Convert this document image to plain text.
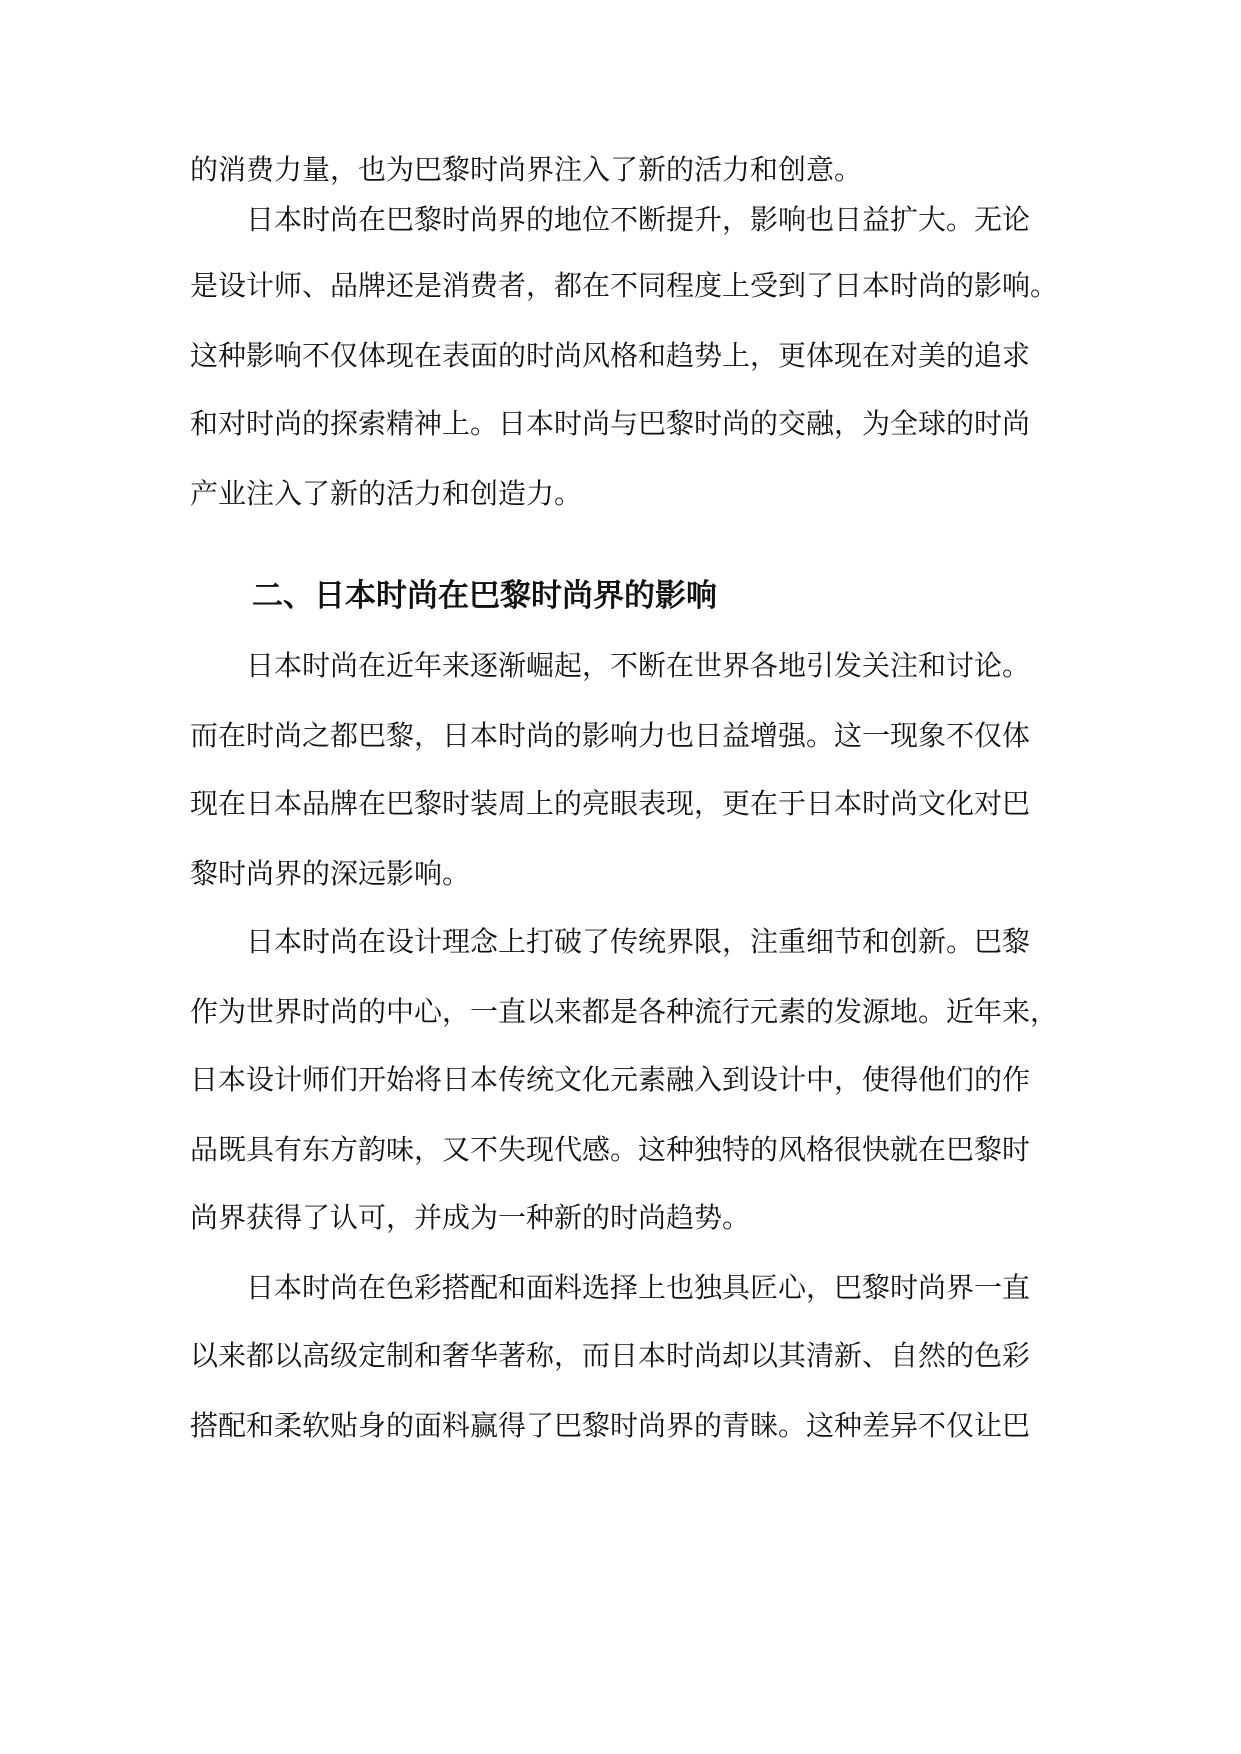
的消费力量，也为巴黎时尚界注入了新的活力和创意。
日本时尚在巴黎时尚界的地位不断提升，影响也日益扩大。无论
是设计师、品牌还是消费者，都在不同程度上受到了日本时尚的影响。
这种影响不仅体现在表面的时尚风格和趋势上，更体现在对美的追求
和对时尚的探索精神上。日本时尚与巴黎时尚的交融，为全球的时尚
产业注入了新的活力和创造力。
二、日本时尚在巴黎时尚界的影响
日本时尚在近年来逐渐崛起，不断在世界各地引发关注和讨论。
而在时尚之都巴黎，日本时尚的影响力也日益增强。这一现象不仅体
现在日本品牌在巴黎时装周上的亮眼表现，更在于日本时尚文化对巴
黎时尚界的深远影响。
日本时尚在设计理念上打破了传统界限，注重细节和创新。巴黎
作为世界时尚的中心，一直以来都是各种流行元素的发源地。近年来，
日本设计师们开始将日本传统文化元素融入到设计中，使得他们的作
品既具有东方韵味，又不失现代感。这种独特的风格很快就在巴黎时
尚界获得了认可，并成为一种新的时尚趋势。
日本时尚在色彩搭配和面料选择上也独具匠心，巴黎时尚界一直
以来都以高级定制和奢华著称，而日本时尚却以其清新、自然的色彩
搭配和柔软贴身的面料赢得了巴黎时尚界的青睐。这种差异不仅让巴
